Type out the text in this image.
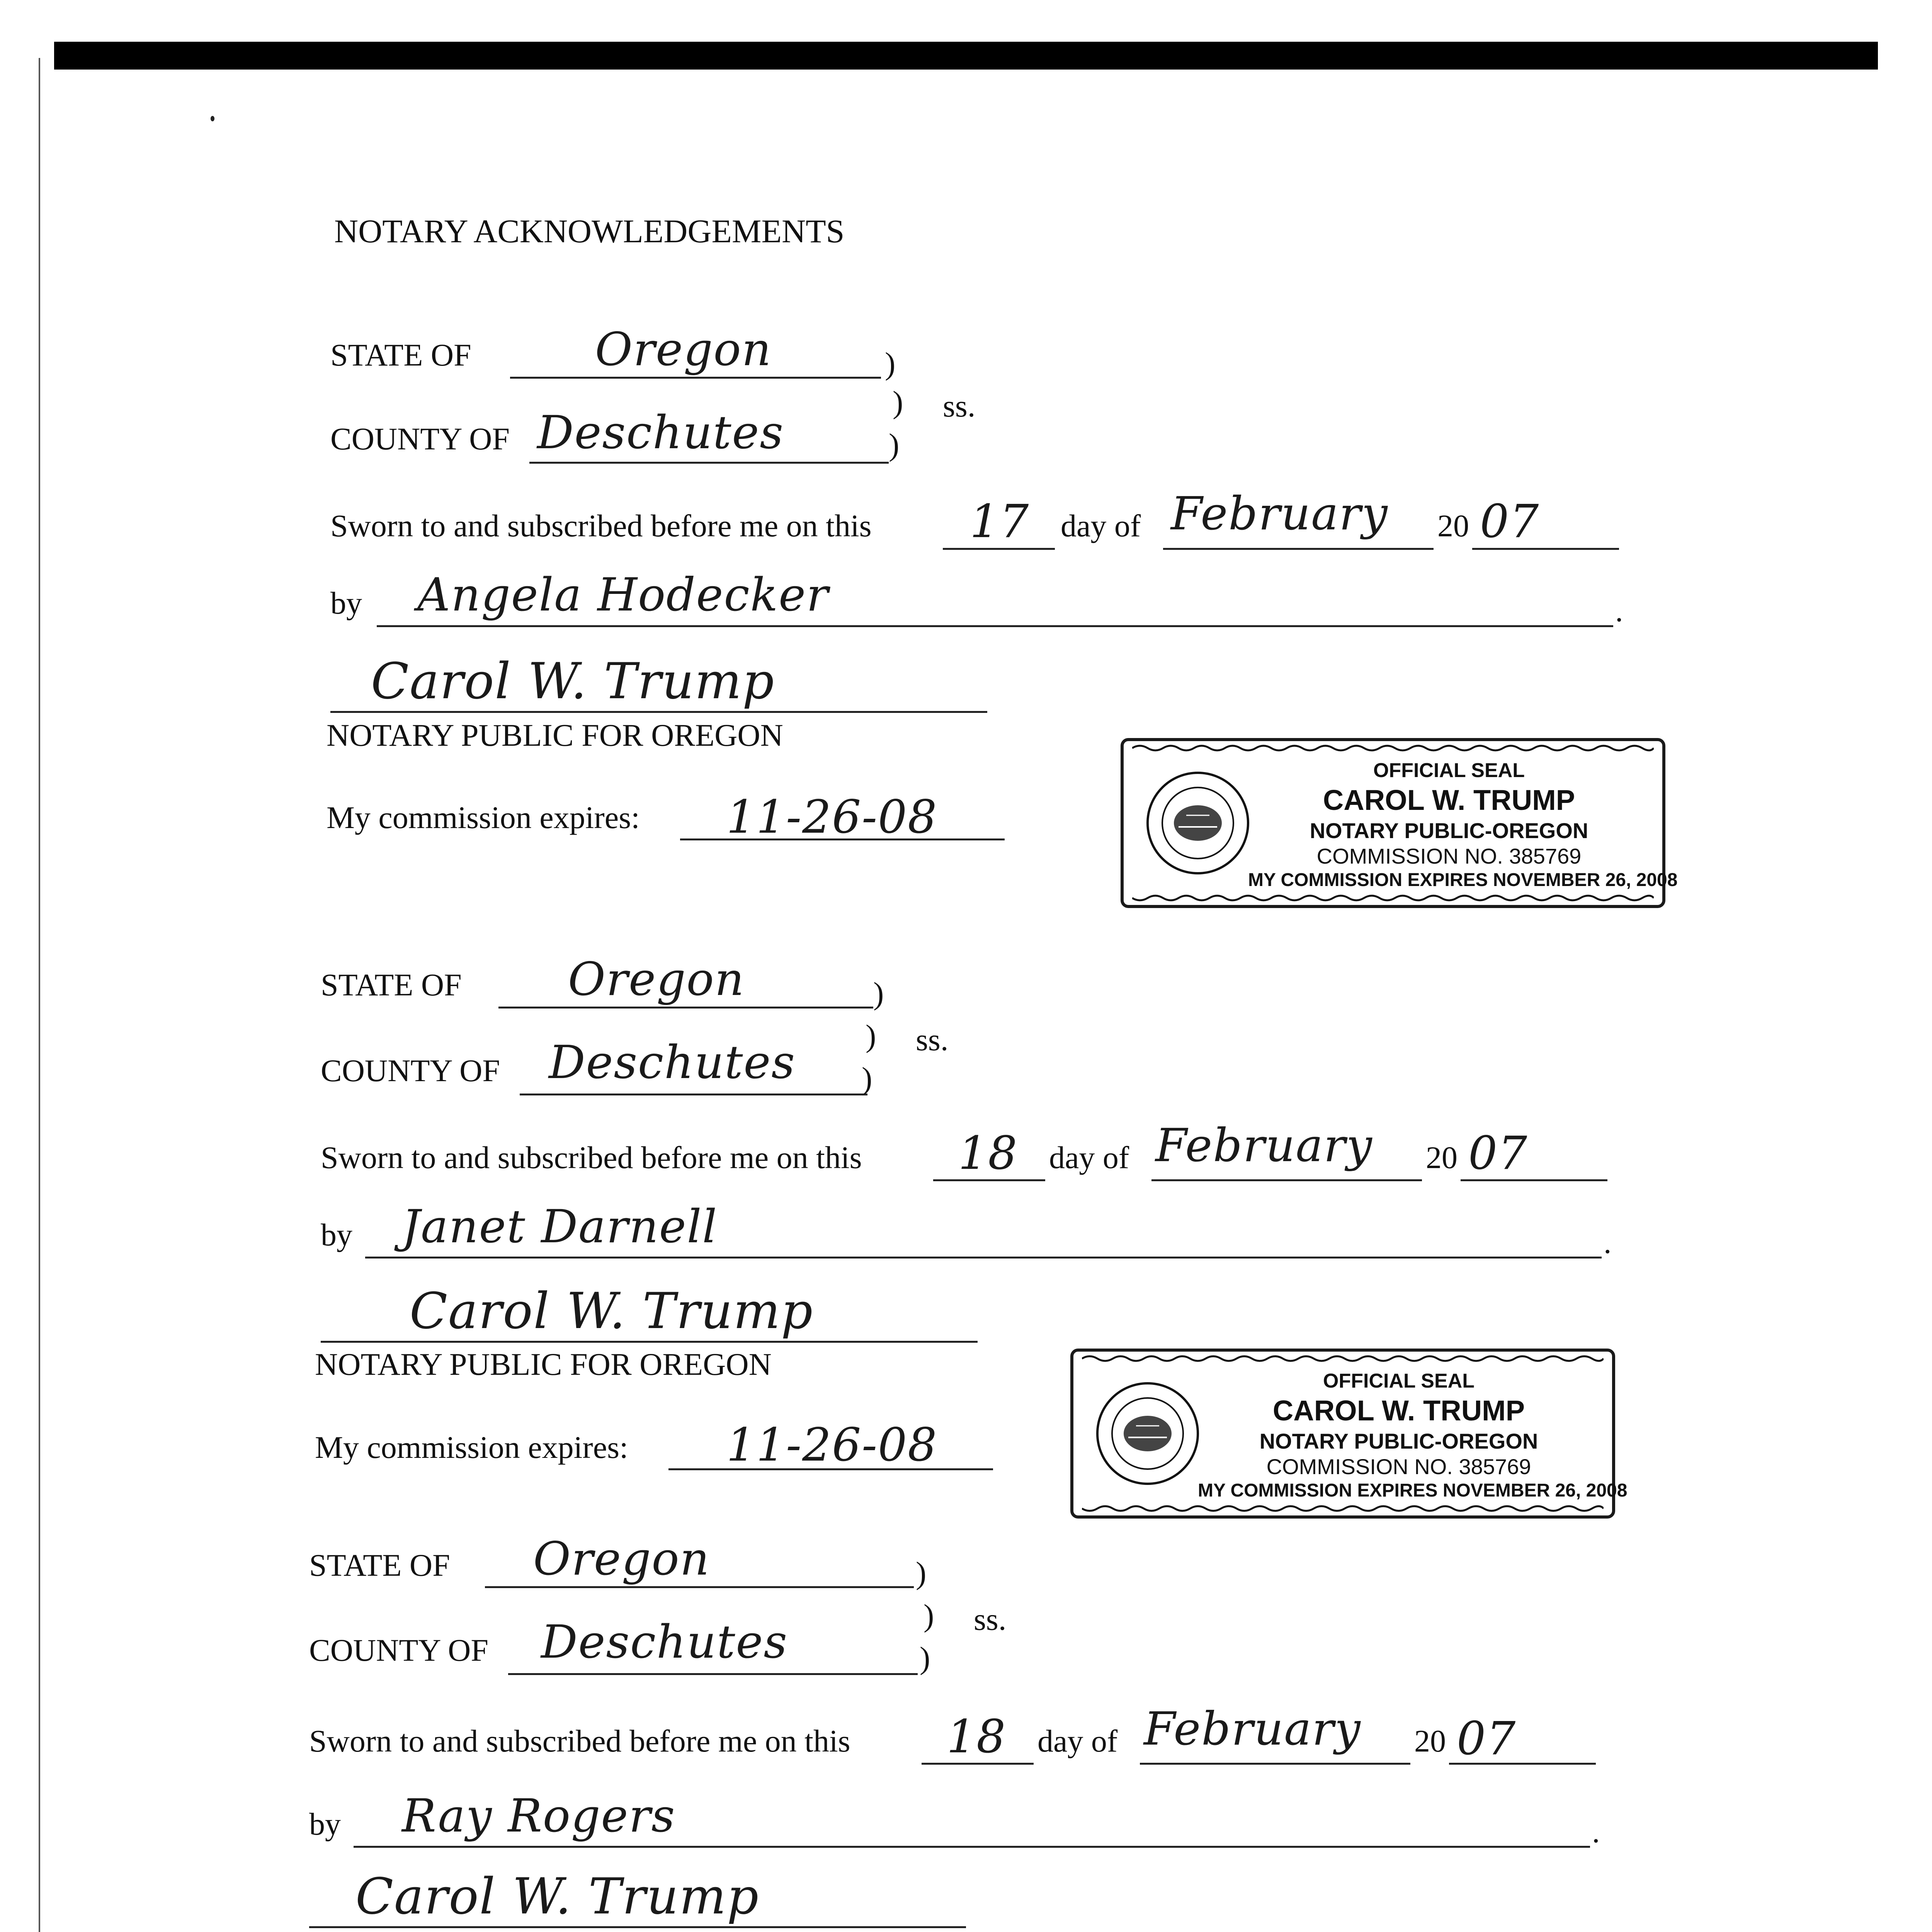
NOTARY ACKNOWLEDGEMENTS
STATE OF	Oregon	)
) ss.
COUNTY OF Deschutes	)
Sworn to and subscribed before me on this 17 day of February 20 07
by Angela Hodecker	.
Carol W. Trump
NOTARY PUBLIC FOR OREGON
My commission expires: 11-26-08
OFFICIAL SEAL
CAROL W. TRUMP
NOTARY PUBLIC-OREGON
COMMISSION NO. 385769
MY COMMISSION EXPIRES NOVEMBER 26, 2008
STATE OF Oregon	)
) ss.
COUNTY OF Deschutes )
Sworn to and subscribed before me on this 18 day of February 20 07
by Janet Darnell	.
Carol W. Trump
NOTARY PUBLIC FOR OREGON
My commission expires: 11-26-08
OFFICIAL SEAL
CAROL W. TRUMP
NOTARY PUBLIC-OREGON
COMMISSION NO. 385769
MY COMMISSION EXPIRES NOVEMBER 26, 2008
STATE OF Oregon	)
) ss.
COUNTY OF Deschutes	)
Sworn to and subscribed before me on this 18 day of February 20 07
by Ray Rogers	.
Carol W. Trump
